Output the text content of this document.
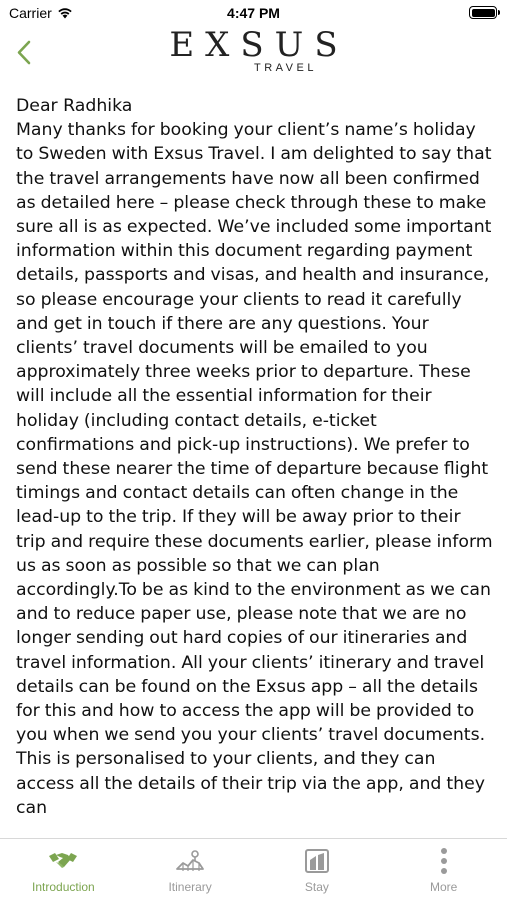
Carrier	4:47 PM
EXSUS
TRAVEL
Dear Radhika
Many thanks for booking your client’s name’s holiday to Sweden with Exsus Travel. I am delighted to say that the travel arrangements have now all been confirmed as detailed here – please check through these to make sure all is as expected. We’ve included some important information within this document regarding payment details, passports and visas, and health and insurance, so please encourage your clients to read it carefully and get in touch if there are any questions. Your clients’ travel documents will be emailed to you approximately three weeks prior to departure. These will include all the essential information for their holiday (including contact details, e-ticket confirmations and pick-up instructions). We prefer to send these nearer the time of departure because flight timings and contact details can often change in the lead-up to the trip. If they will be away prior to their trip and require these documents earlier, please inform us as soon as possible so that we can plan accordingly.To be as kind to the environment as we can and to reduce paper use, please note that we are no longer sending out hard copies of our itineraries and travel information. All your clients’ itinerary and travel details can be found on the Exsus app – all the details for this and how to access the app will be provided to you when we send you your clients’ travel documents. This is personalised to your clients, and they can access all the details of their trip via the app, and they can
Introduction	Itinerary	Stay	More
